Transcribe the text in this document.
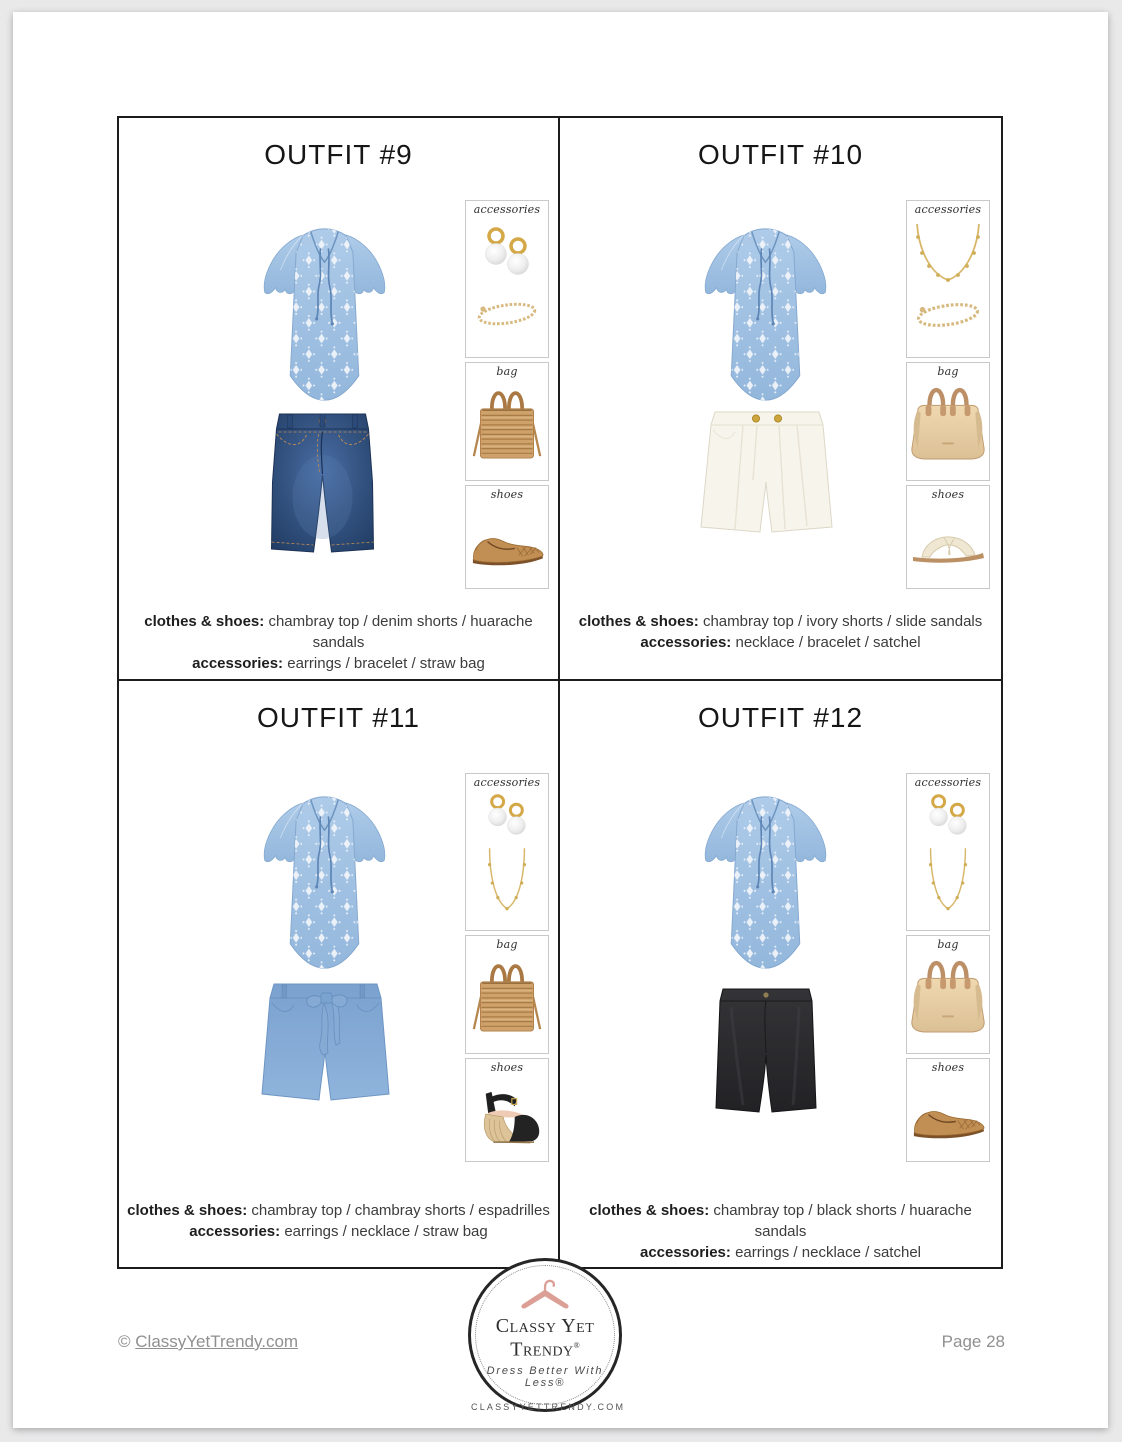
OUTFIT #9
accessories
bag
shoes
clothes & shoes: chambray top / denim shorts / huarache sandals
accessories: earrings / bracelet / straw bag
OUTFIT #10
accessories
bag
shoes
clothes & shoes: chambray top / ivory shorts / slide sandals
accessories: necklace / bracelet / satchel
OUTFIT #11
accessories
bag
shoes
clothes & shoes: chambray top / chambray shorts / espadrilles
accessories: earrings / necklace / straw bag
OUTFIT #12
accessories
bag
shoes
clothes & shoes: chambray top / black shorts / huarache sandals
accessories: earrings / necklace / satchel
Classy Yet Trendy®
Dress Better With Less®
CLASSYYETTRENDY.COM
© ClassyYetTrendy.com	Page 28
